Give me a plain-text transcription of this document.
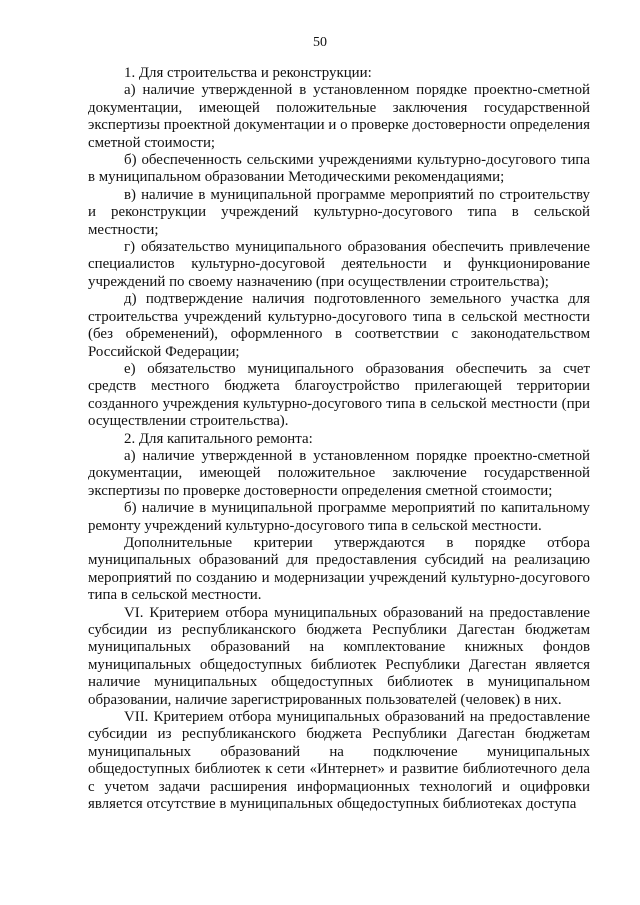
50

1. Для строительства и реконструкции:

а) наличие утвержденной в установленном порядке проектно-сметной документации, имеющей положительные заключения государственной экспертизы проектной документации и о проверке достоверности определения сметной стоимости;

б) обеспеченность сельскими учреждениями культурно-досугового типа в муниципальном образовании Методическими рекомендациями;

в) наличие в муниципальной программе мероприятий по строительству и реконструкции учреждений культурно-досугового типа в сельской местности;

г) обязательство муниципального образования обеспечить привлечение специалистов культурно-досуговой деятельности и функционирование учреждений по своему назначению (при осуществлении строительства);

д) подтверждение наличия подготовленного земельного участка для строительства учреждений культурно-досугового типа в сельской местности (без обременений), оформленного в соответствии с законодательством Российской Федерации;

е) обязательство муниципального образования обеспечить за счет средств местного бюджета благоустройство прилегающей территории созданного учреждения культурно-досугового типа в сельской местности (при осуществлении строительства).

2. Для капитального ремонта:

а) наличие утвержденной в установленном порядке проектно-сметной документации, имеющей положительное заключение государственной экспертизы по проверке достоверности определения сметной стоимости;

б) наличие в муниципальной программе мероприятий по капитальному ремонту учреждений культурно-досугового типа в сельской местности.

Дополнительные критерии утверждаются в порядке отбора муниципальных образований для предоставления субсидий на реализацию мероприятий по созданию и модернизации учреждений культурно-досугового типа в сельской местности.

VI. Критерием отбора муниципальных образований на предоставление субсидии из республиканского бюджета Республики Дагестан бюджетам муниципальных образований на комплектование книжных фондов муниципальных общедоступных библиотек Республики Дагестан является наличие муниципальных общедоступных библиотек в муниципальном образовании, наличие зарегистрированных пользователей (человек) в них.

VII. Критерием отбора муниципальных образований на предоставление субсидии из республиканского бюджета Республики Дагестан бюджетам муниципальных образований на подключение муниципальных общедоступных библиотек к сети «Интернет» и развитие библиотечного дела с учетом задачи расширения информационных технологий и оцифровки является отсутствие в муниципальных общедоступных библиотеках доступа
